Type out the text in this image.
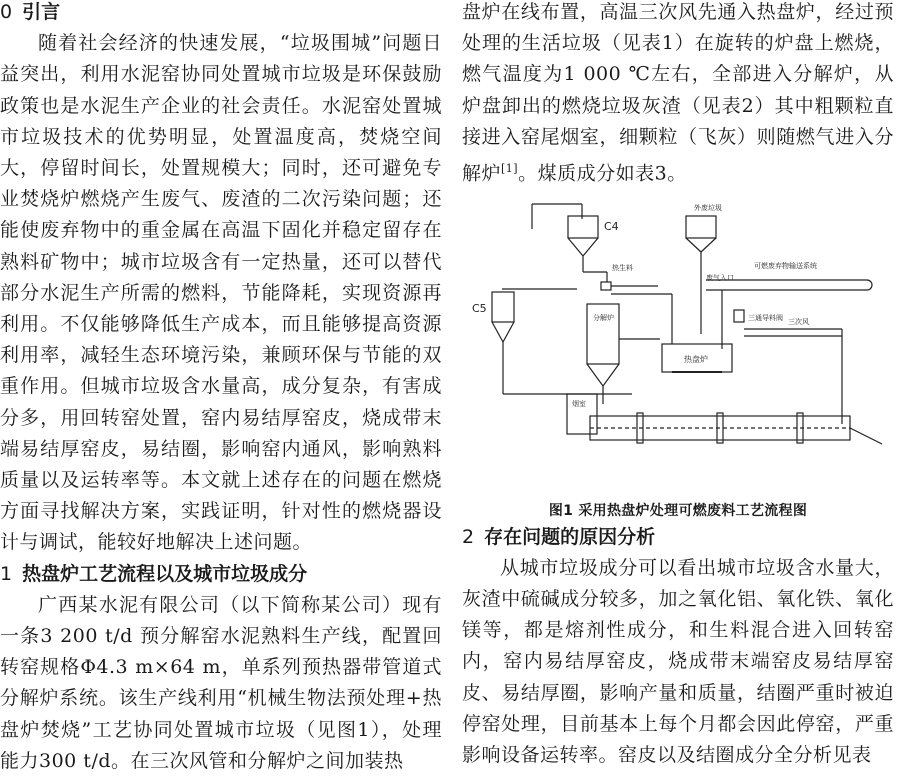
0 引言

随着社会经济的快速发展，“垃圾围城”问题日益突出，利用水泥窑协同处置城市垃圾是环保鼓励政策也是水泥生产企业的社会责任。水泥窑处置城市垃圾技术的优势明显，处置温度高，焚烧空间大，停留时间长，处置规模大；同时，还可避免专业焚烧炉燃烧产生废气、废渣的二次污染问题；还能使废弃物中的重金属在高温下固化并稳定留存在熟料矿物中；城市垃圾含有一定热量，还可以替代部分水泥生产所需的燃料，节能降耗，实现资源再利用。不仅能够降低生产成本，而且能够提高资源利用率，减轻生态环境污染，兼顾环保与节能的双重作用。但城市垃圾含水量高，成分复杂，有害成分多，用回转窑处置，窑内易结厚窑皮，烧成带末端易结厚窑皮，易结圈，影响窑内通风，影响熟料质量以及运转率等。本文就上述存在的问题在燃烧方面寻找解决方案，实践证明，针对性的燃烧器设计与调试，能较好地解决上述问题。

1 热盘炉工艺流程以及城市垃圾成分

广西某水泥有限公司（以下简称某公司）现有一条3 200 t/d 预分解窑水泥熟料生产线，配置回转窑规格Φ4.3 m×64 m，单系列预热器带管道式分解炉系统。该生产线利用“机械生物法预处理+热盘炉焚烧”工艺协同处置城市垃圾（见图1），处理能力300 t/d。在三次风管和分解炉之间加装热

盘炉在线布置，高温三次风先通入热盘炉，经过预处理的生活垃圾（见表1）在旋转的炉盘上燃烧，燃气温度为1 000 ℃左右，全部进入分解炉，从炉盘卸出的燃烧垃圾灰渣（见表2）其中粗颗粒直接进入窑尾烟室，细颗粒（飞灰）则随燃气进入分解炉[1]。煤质成分如表3。

C4
外废垃圾
废气入口
可燃废弃物输送系统
热生料
C5
分解炉	三通导料阀 三次风
热盘炉
烟室

图1 采用热盘炉处理可燃废料工艺流程图

2 存在问题的原因分析

从城市垃圾成分可以看出城市垃圾含水量大，灰渣中硫碱成分较多，加之氧化铝、氧化铁、氧化镁等，都是熔剂性成分，和生料混合进入回转窑内，窑内易结厚窑皮，烧成带末端窑皮易结厚窑皮、易结厚圈，影响产量和质量，结圈严重时被迫停窑处理，目前基本上每个月都会因此停窑，严重影响设备运转率。窑皮以及结圈成分全分析见表
